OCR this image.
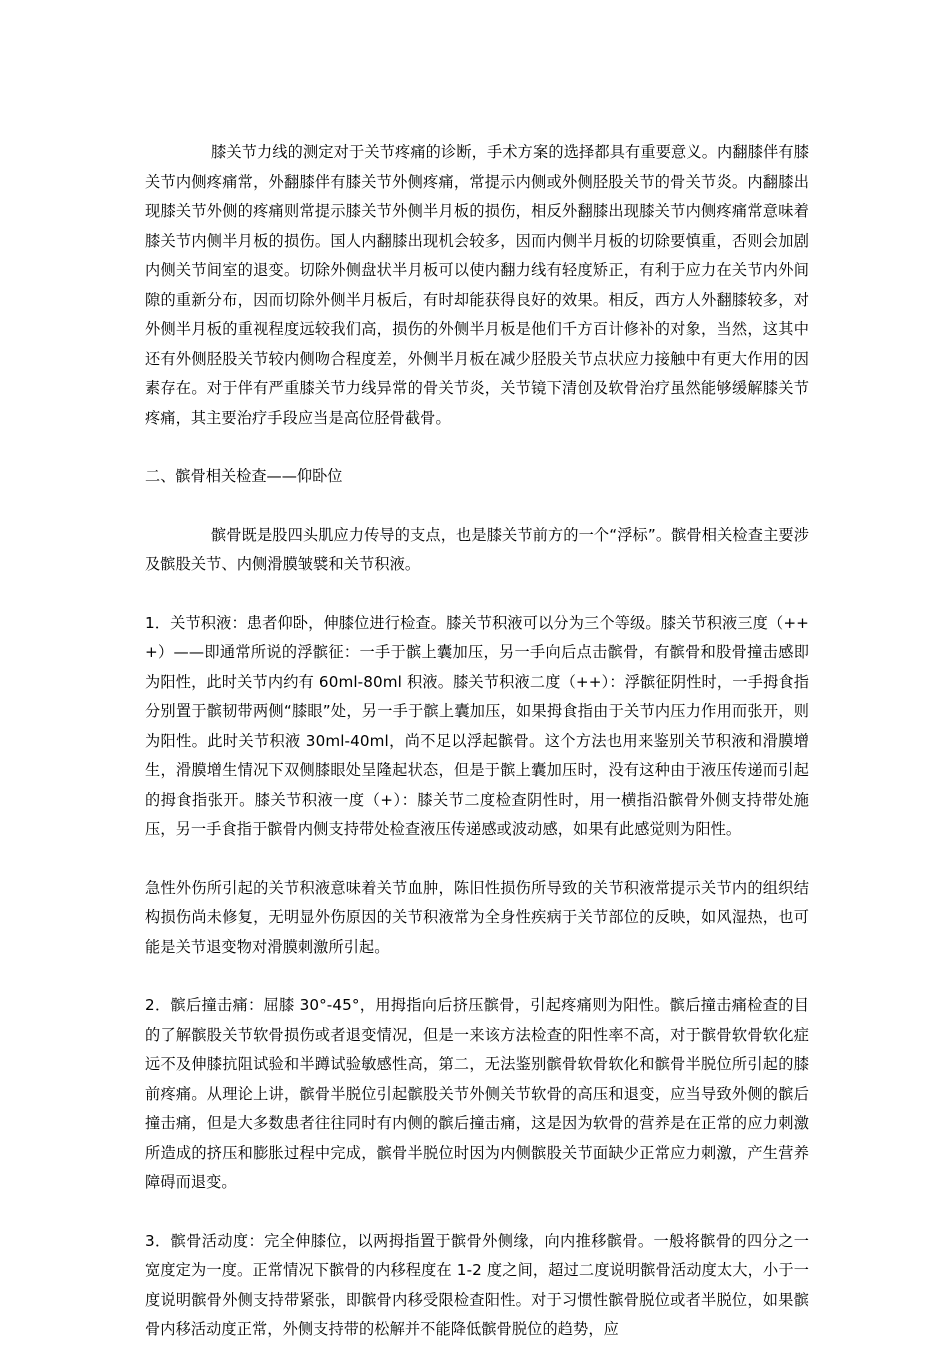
膝关节力线的测定对于关节疼痛的诊断，手术方案的选择都具有重要意义。内翻膝伴有膝关节内侧疼痛常，外翻膝伴有膝关节外侧疼痛，常提示内侧或外侧胫股关节的骨关节炎。内翻膝出现膝关节外侧的疼痛则常提示膝关节外侧半月板的损伤，相反外翻膝出现膝关节内侧疼痛常意味着膝关节内侧半月板的损伤。国人内翻膝出现机会较多，因而内侧半月板的切除要慎重，否则会加剧内侧关节间室的退变。切除外侧盘状半月板可以使内翻力线有轻度矫正，有利于应力在关节内外间隙的重新分布，因而切除外侧半月板后，有时却能获得良好的效果。相反，西方人外翻膝较多，对外侧半月板的重视程度远较我们高，损伤的外侧半月板是他们千方百计修补的对象，当然，这其中还有外侧胫股关节较内侧吻合程度差，外侧半月板在减少胫股关节点状应力接触中有更大作用的因素存在。对于伴有严重膝关节力线异常的骨关节炎，关节镜下清创及软骨治疗虽然能够缓解膝关节疼痛，其主要治疗手段应当是高位胫骨截骨。

二、髌骨相关检查——仰卧位

髌骨既是股四头肌应力传导的支点，也是膝关节前方的一个“浮标”。髌骨相关检查主要涉及髌股关节、内侧滑膜皱襞和关节积液。

1．关节积液：患者仰卧，伸膝位进行检查。膝关节积液可以分为三个等级。膝关节积液三度（+++）——即通常所说的浮髌征：一手于髌上囊加压，另一手向后点击髌骨，有髌骨和股骨撞击感即为阳性，此时关节内约有 60ml-80ml 积液。膝关节积液二度（++）：浮髌征阴性时，一手拇食指分别置于髌韧带两侧“膝眼”处，另一手于髌上囊加压，如果拇食指由于关节内压力作用而张开，则为阳性。此时关节积液 30ml-40ml，尚不足以浮起髌骨。这个方法也用来鉴别关节积液和滑膜增生，滑膜增生情况下双侧膝眼处呈隆起状态，但是于髌上囊加压时，没有这种由于液压传递而引起的拇食指张开。膝关节积液一度（+）：膝关节二度检查阴性时，用一横指沿髌骨外侧支持带处施压，另一手食指于髌骨内侧支持带处检查液压传递感或波动感，如果有此感觉则为阳性。

急性外伤所引起的关节积液意味着关节血肿，陈旧性损伤所导致的关节积液常提示关节内的组织结构损伤尚未修复，无明显外伤原因的关节积液常为全身性疾病于关节部位的反映，如风湿热，也可能是关节退变物对滑膜刺激所引起。

2．髌后撞击痛：屈膝 30°-45°，用拇指向后挤压髌骨，引起疼痛则为阳性。髌后撞击痛检查的目的了解髌股关节软骨损伤或者退变情况，但是一来该方法检查的阳性率不高，对于髌骨软骨软化症远不及伸膝抗阻试验和半蹲试验敏感性高，第二，无法鉴别髌骨软骨软化和髌骨半脱位所引起的膝前疼痛。从理论上讲，髌骨半脱位引起髌股关节外侧关节软骨的高压和退变，应当导致外侧的髌后撞击痛，但是大多数患者往往同时有内侧的髌后撞击痛，这是因为软骨的营养是在正常的应力刺激所造成的挤压和膨胀过程中完成，髌骨半脱位时因为内侧髌股关节面缺少正常应力刺激，产生营养障碍而退变。

3．髌骨活动度：完全伸膝位，以两拇指置于髌骨外侧缘，向内推移髌骨。一般将髌骨的四分之一宽度定为一度。正常情况下髌骨的内移程度在 1-2 度之间，超过二度说明髌骨活动度太大，小于一度说明髌骨外侧支持带紧张，即髌骨内移受限检查阳性。对于习惯性髌骨脱位或者半脱位，如果髌骨内移活动度正常，外侧支持带的松解并不能降低髌骨脱位的趋势，应
